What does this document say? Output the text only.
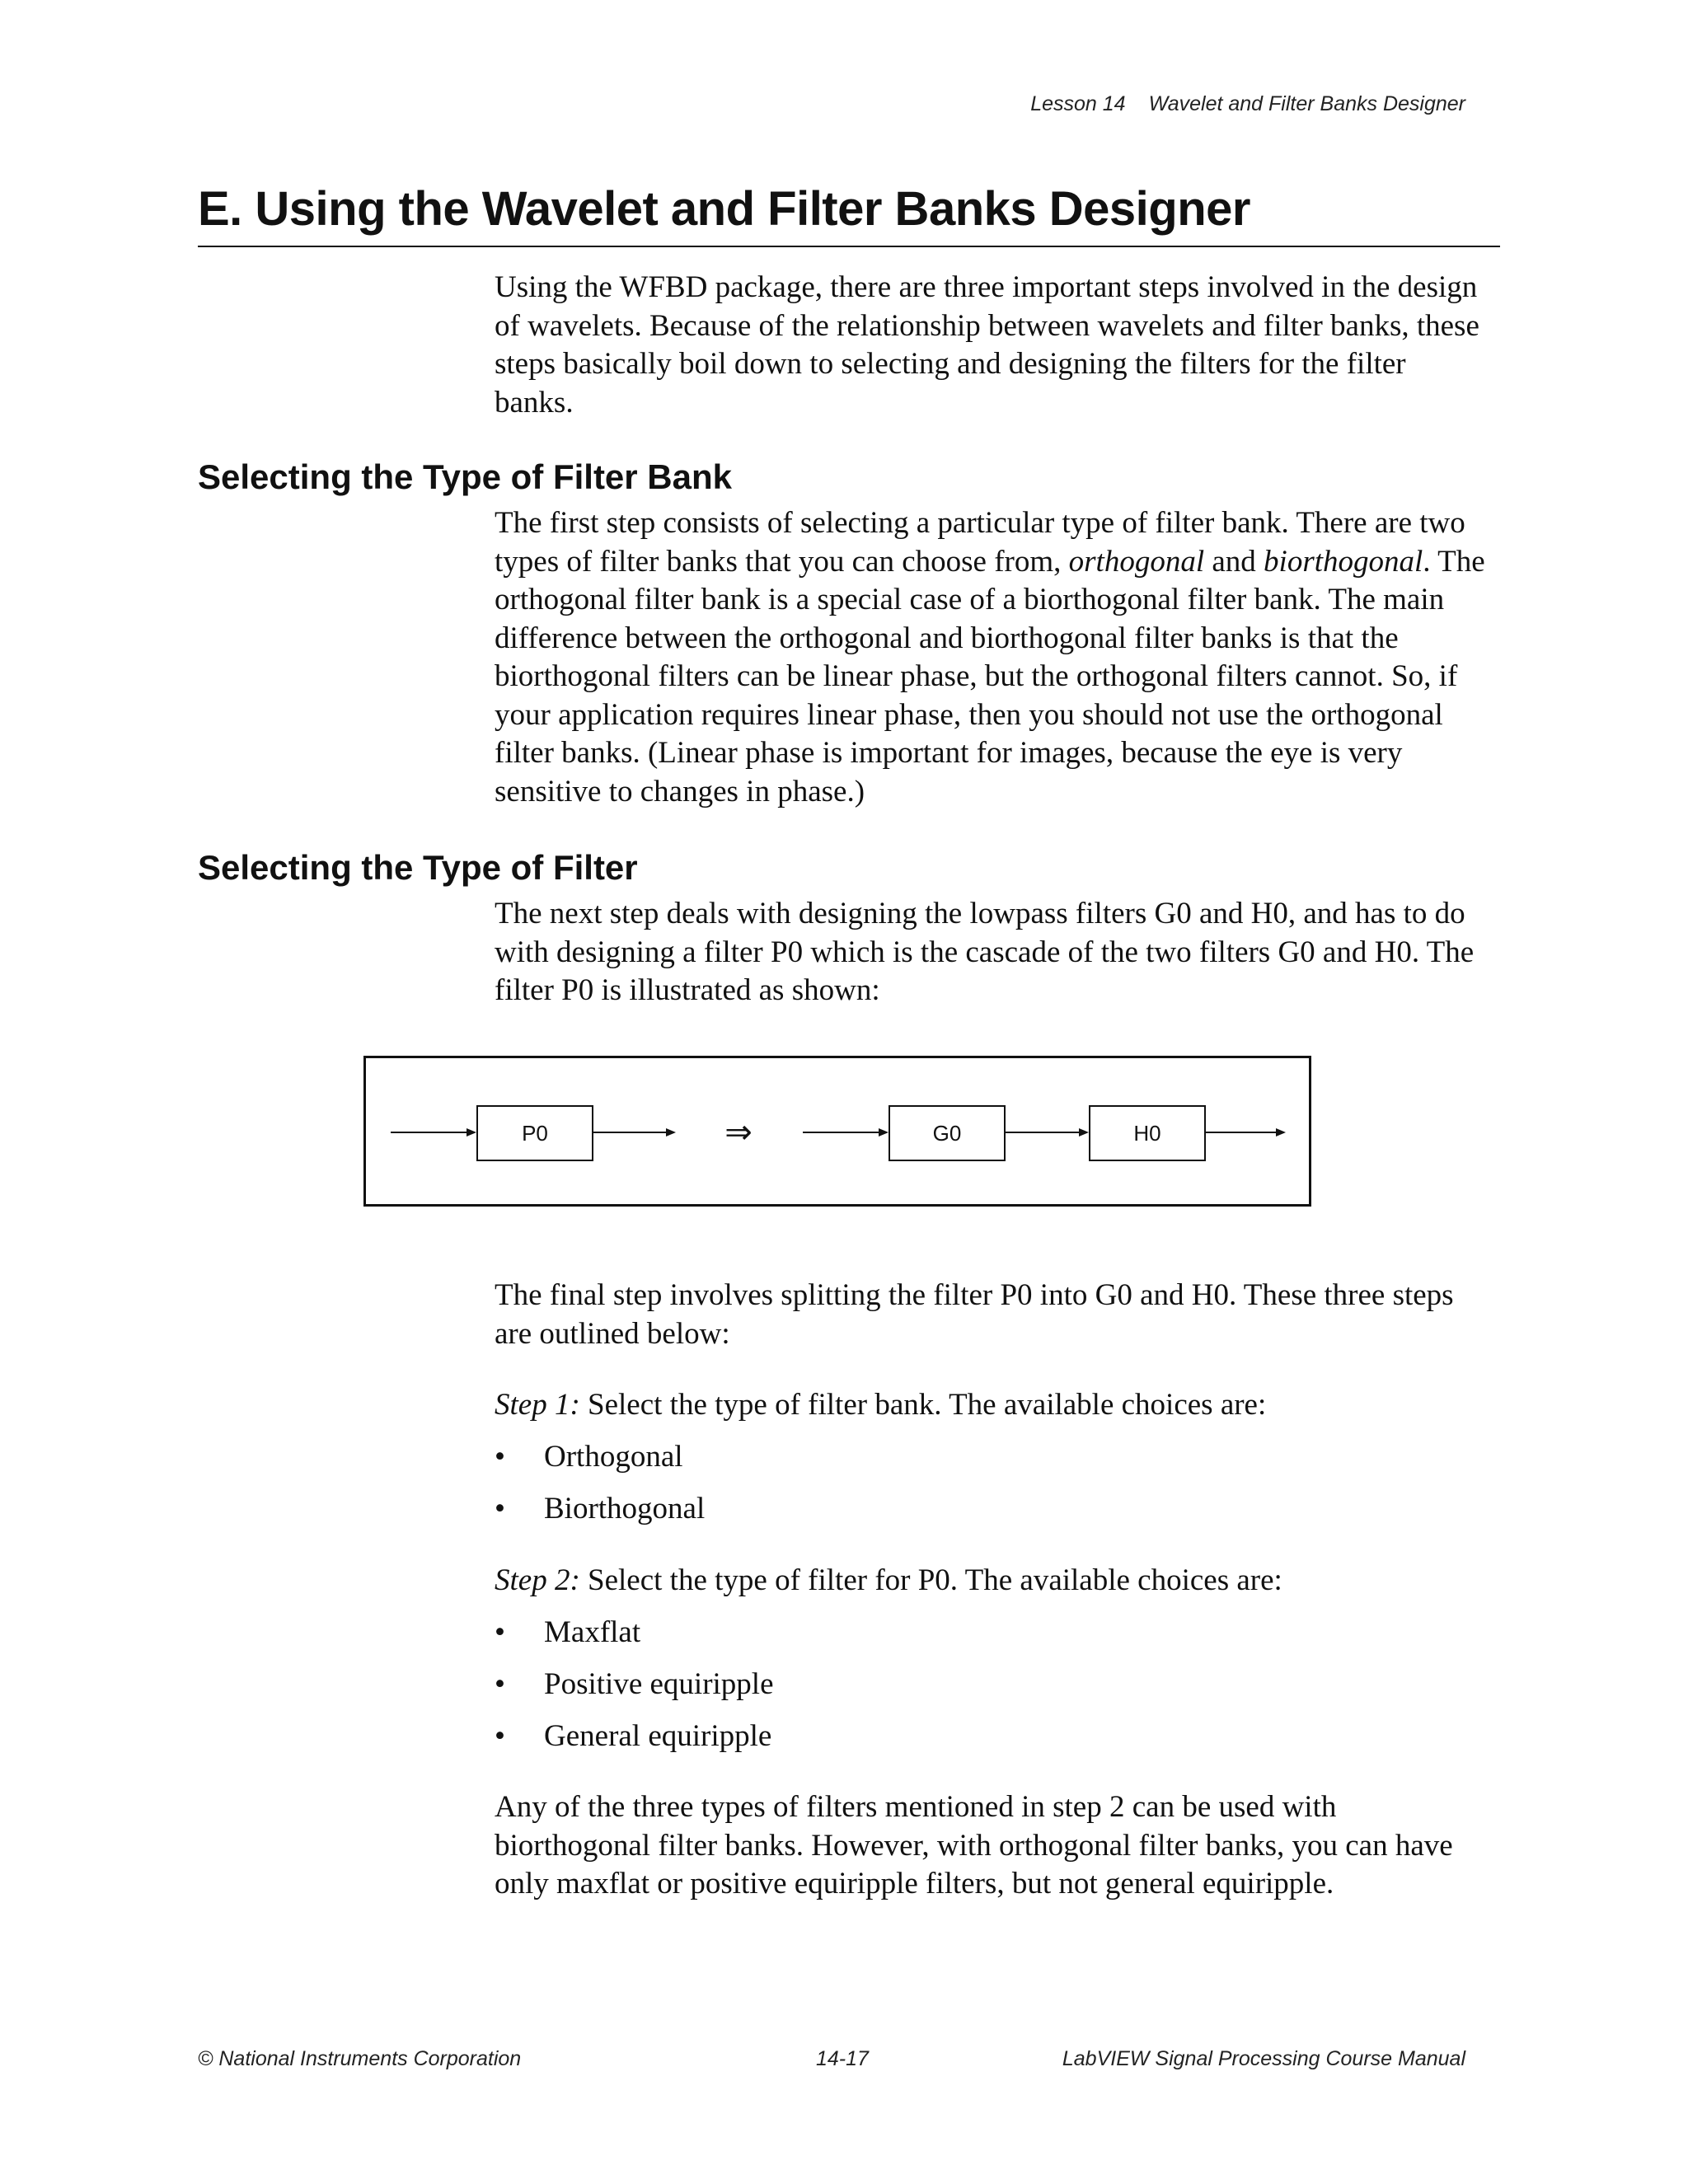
Lesson 14 Wavelet and Filter Banks Designer
E. Using the Wavelet and Filter Banks Designer

Using the WFBD package, there are three important steps involved in the design of wavelets. Because of the relationship between wavelets and filter banks, these steps basically boil down to selecting and designing the filters for the filter banks.

Selecting the Type of Filter Bank

The first step consists of selecting a particular type of filter bank. There are two types of filter banks that you can choose from, orthogonal and biorthogonal. The orthogonal filter bank is a special case of a biorthogonal filter bank. The main difference between the orthogonal and biorthogonal filter banks is that the biorthogonal filters can be linear phase, but the orthogonal filters cannot. So, if your application requires linear phase, then you should not use the orthogonal filter banks. (Linear phase is important for images, because the eye is very sensitive to changes in phase.)

Selecting the Type of Filter

The next step deals with designing the lowpass filters G0 and H0, and has to do with designing a filter P0 which is the cascade of the two filters G0 and H0. The filter P0 is illustrated as shown:

P0	⇒	G0	H0

The final step involves splitting the filter P0 into G0 and H0. These three steps are outlined below:

Step 1: Select the type of filter bank. The available choices are:

• Orthogonal
• Biorthogonal

Step 2: Select the type of filter for P0. The available choices are:

• Maxflat
• Positive equiripple
• General equiripple

Any of the three types of filters mentioned in step 2 can be used with biorthogonal filter banks. However, with orthogonal filter banks, you can have only maxflat or positive equiripple filters, but not general equiripple.

© National Instruments Corporation	14-17	LabVIEW Signal Processing Course Manual
